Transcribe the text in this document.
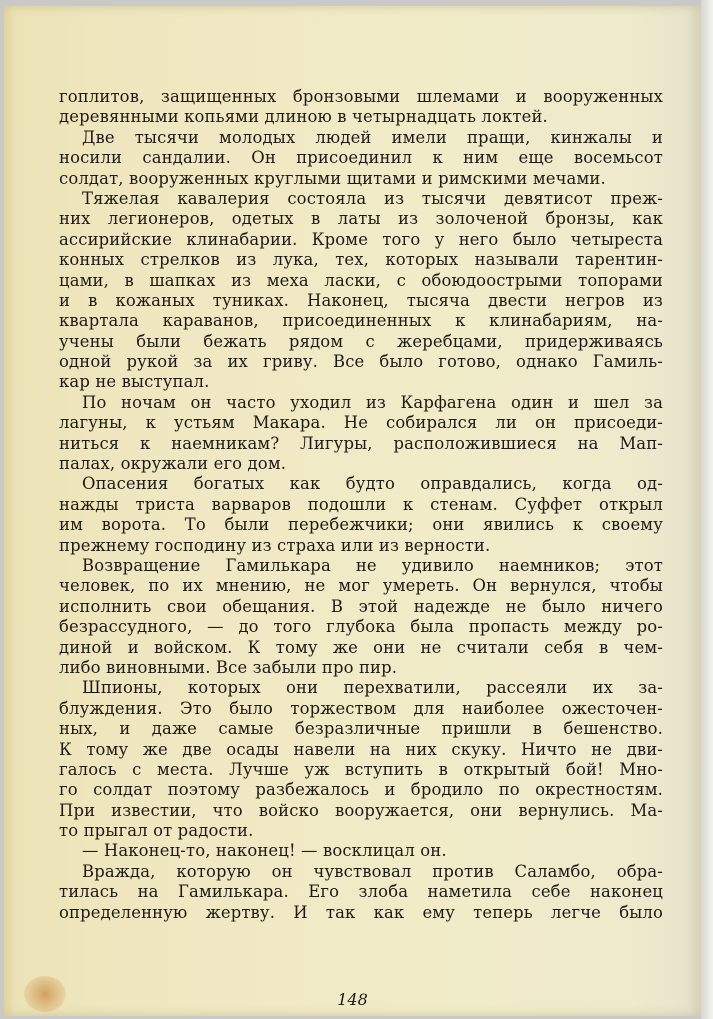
гоплитов, защищенных бронзовыми шлемами и вооруженных
деревянными копьями длиною в четырнадцать локтей.
Две тысячи молодых людей имели пращи, кинжалы и
носили сандалии. Он присоединил к ним еще восемьсот
солдат, вооруженных круглыми щитами и римскими мечами.
Тяжелая кавалерия состояла из тысячи девятисот преж-
них легионеров, одетых в латы из золоченой бронзы, как
ассирийские клинабарии. Кроме того у него было четыреста
конных стрелков из лука, тех, которых называли тарентин-
цами, в шапках из меха ласки, с обоюдоострыми топорами
и в кожаных туниках. Наконец, тысяча двести негров из
квартала караванов, присоединенных к клинабариям, на-
учены были бежать рядом с жеребцами, придерживаясь
одной рукой за их гриву. Все было готово, однако Гамиль-
кар не выступал.
По ночам он часто уходил из Карфагена один и шел за
лагуны, к устьям Макара. Не собирался ли он присоеди-
ниться к наемникам? Лигуры, расположившиеся на Мап-
палах, окружали его дом.
Опасения богатых как будто оправдались, когда од-
нажды триста варваров подошли к стенам. Суффет открыл
им ворота. То были перебежчики; они явились к своему
прежнему господину из страха или из верности.
Возвращение Гамилькара не удивило наемников; этот
человек, по их мнению, не мог умереть. Он вернулся, чтобы
исполнить свои обещания. В этой надежде не было ничего
безрассудного, — до того глубока была пропасть между ро-
диной и войском. К тому же они не считали себя в чем-
либо виновными. Все забыли про пир.
Шпионы, которых они перехватили, рассеяли их за-
блуждения. Это было торжеством для наиболее ожесточен-
ных, и даже самые безразличные пришли в бешенство.
К тому же две осады навели на них скуку. Ничто не дви-
галось с места. Лучше уж вступить в открытый бой! Мно-
го солдат поэтому разбежалось и бродило по окрестностям.
При известии, что войско вооружается, они вернулись. Ма-
то прыгал от радости.
— Наконец-то, наконец! — восклицал он.
Вражда, которую он чувствовал против Саламбо, обра-
тилась на Гамилькара. Его злоба наметила себе наконец
определенную жертву. И так как ему теперь легче было
148
